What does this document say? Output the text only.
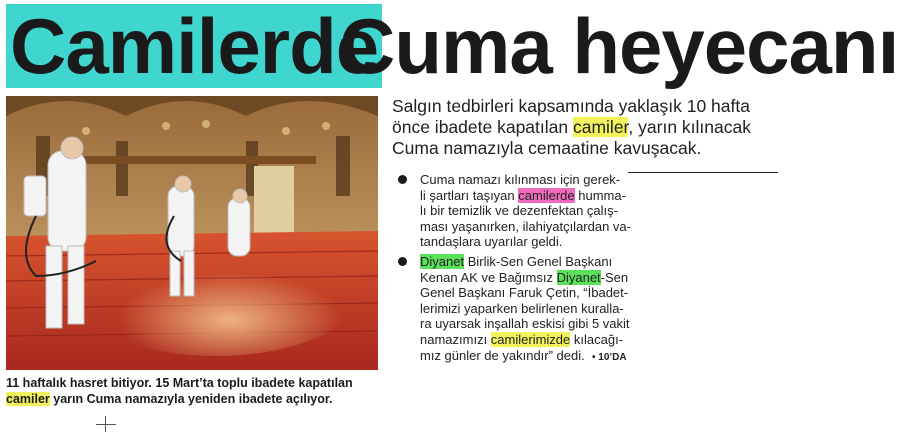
Camilerde
Cuma heyecanı
11 haftalık hasret bitiyor. 15 Mart’ta toplu ibadete kapatılan
camiler yarın Cuma namazıyla yeniden ibadete açılıyor.
Salgın tedbirleri kapsamında yaklaşık 10 hafta
önce ibadete kapatılan camiler, yarın kılınacak
Cuma namazıyla cemaatine kavuşacak.
Cuma namazı kılınması için gerek-
li şartları taşıyan camilerde humma-
lı bir temizlik ve dezenfektan çalış-
ması yaşanırken, ilahiyatçılardan va-
tandaşlara uyarılar geldi.
Diyanet Birlik-Sen Genel Başkanı
Kenan AK ve Bağımsız Diyanet-Sen
Genel Başkanı Faruk Çetin, “İbadet-
lerimizi yaparken belirlenen kuralla-
ra uyarsak inşallah eskisi gibi 5 vakit
namazımızı camilerimizde kılacağı-
mız günler de yakındır” dedi. • 10’DA
